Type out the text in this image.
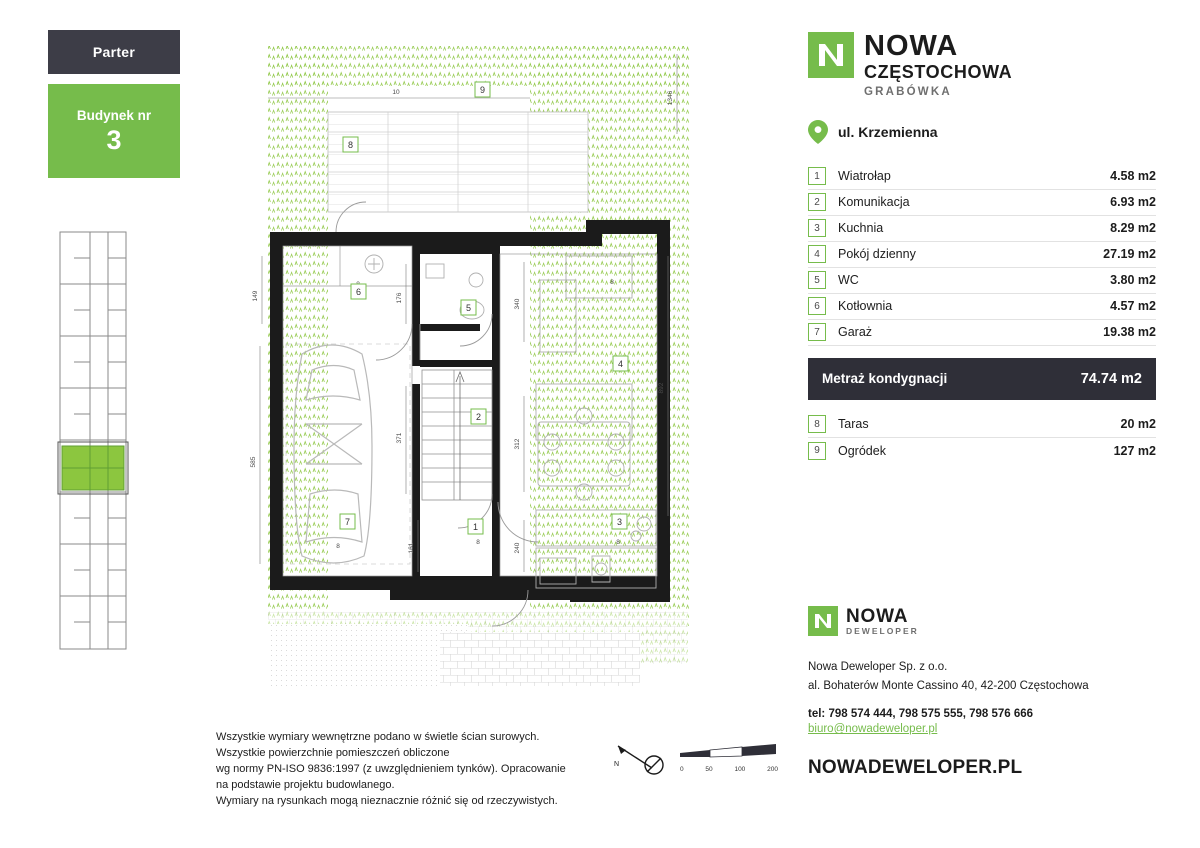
Parter
Budynek nr
3
1346
10
149
585
176
371
161
340
312
240
892
8
8	8
8
6
5
2
1
7
4
3
8
9
Wszystkie wymiary wewnętrzne podano w świetle ścian surowych.
Wszystkie powierzchnie pomieszczeń obliczone
wg normy PN-ISO 9836:1997 (z uwzględnieniem tynków). Opracowanie
na podstawie projektu budowlanego.
Wymiary na rysunkach mogą nieznacznie różnić się od rzeczywistych.
N
0	50	100	200
NOWA
CZĘSTOCHOWA
GRABÓWKA
ul. Krzemienna
1	Wiatrołap	4.58 m2
2	Komunikacja	6.93 m2
3	Kuchnia	8.29 m2
4	Pokój dzienny	27.19 m2
5	WC	3.80 m2
6	Kotłownia	4.57 m2
7	Garaż	19.38 m2
Metraż kondygnacji	74.74 m2
8	Taras	20 m2
9	Ogródek	127 m2
NOWA
DEWELOPER
Nowa Deweloper Sp. z o.o.
al. Bohaterów Monte Cassino 40, 42-200 Częstochowa
tel: 798 574 444, 798 575 555, 798 576 666
biuro@nowadeweloper.pl
NOWADEWELOPER.PL
